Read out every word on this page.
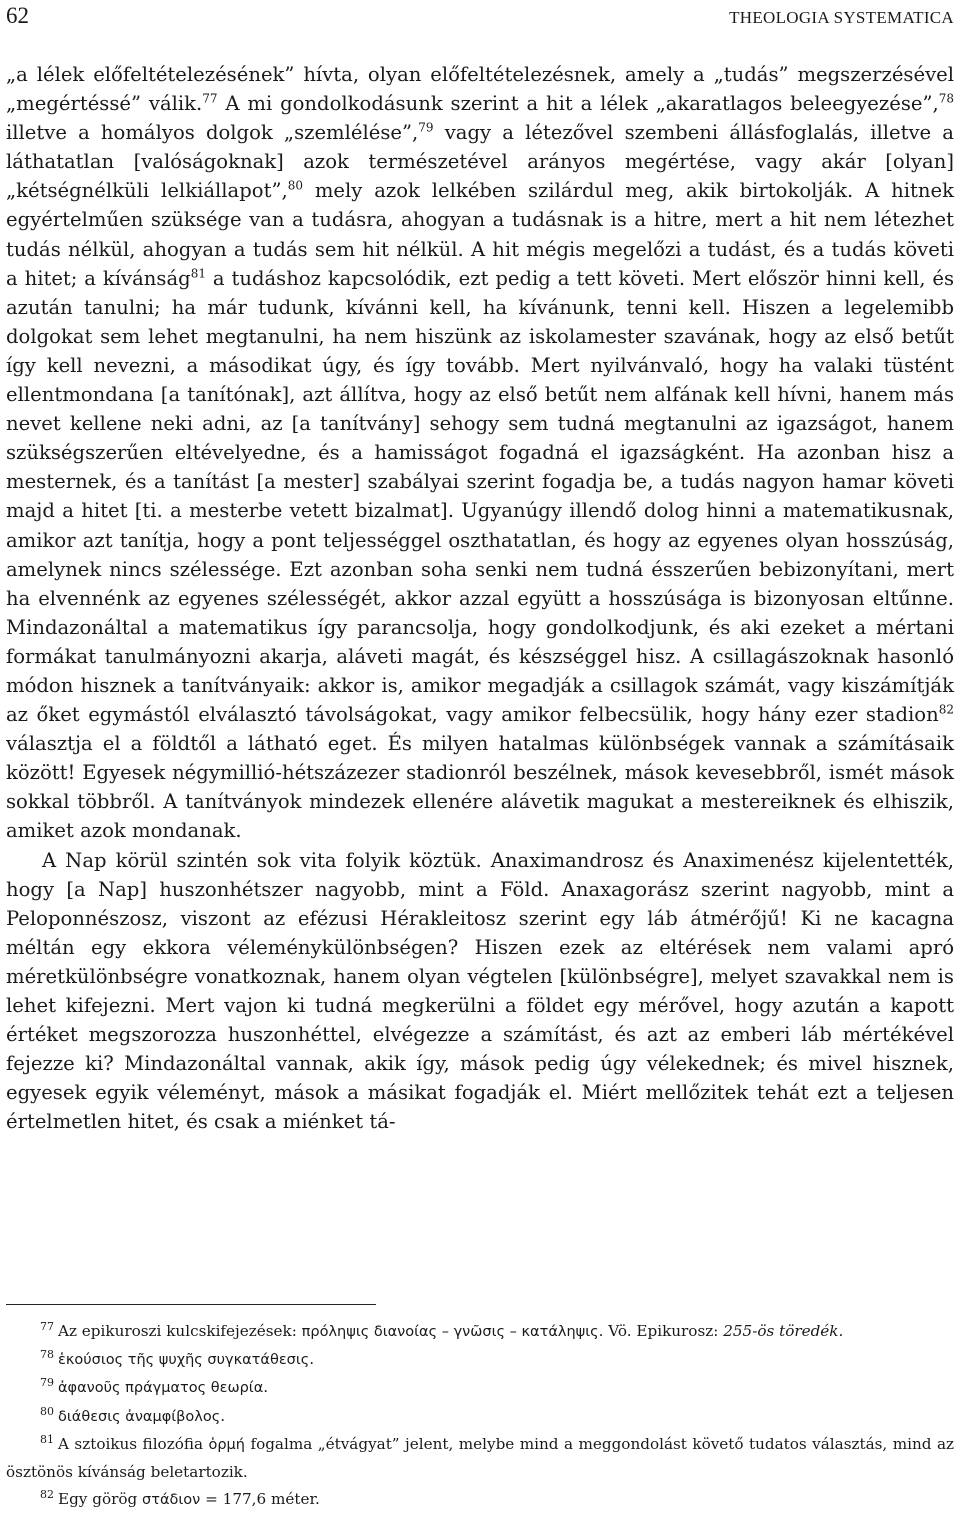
62	THEOLOGIA SYSTEMATICA

„a lélek előfeltételezésének” hívta, olyan előfeltételezésnek, amely a „tudás” megszerzésével „megértéssé” válik.$^{77}$ A mi gondolkodásunk szerint a hit a lélek „akaratlagos beleegyezése”,$^{78}$ illetve a homályos dolgok „szemlélése”,$^{79}$ vagy a létezővel szembeni állásfoglalás, illetve a láthatatlan [valóságoknak] azok természetével arányos megértése, vagy akár [olyan] „kétségnélküli lelkiállapot”,$^{80}$ mely azok lelkében szilárdul meg, akik birtokolják. A hitnek egyértelműen szüksége van a tudásra, ahogyan a tudásnak is a hitre, mert a hit nem létezhet tudás nélkül, ahogyan a tudás sem hit nélkül. A hit mégis megelőzi a tudást, és a tudás követi a hitet; a kívánság$^{81}$ a tudáshoz kapcsolódik, ezt pedig a tett követi. Mert először hinni kell, és azután tanulni; ha már tudunk, kívánni kell, ha kívánunk, tenni kell. Hiszen a legelemibb dolgokat sem lehet megtanulni, ha nem hiszünk az iskolamester szavának, hogy az első betűt így kell nevezni, a másodikat úgy, és így tovább. Mert nyilvánvaló, hogy ha valaki tüstént ellentmondana [a tanítónak], azt állítva, hogy az első betűt nem alfának kell hívni, hanem más nevet kellene neki adni, az [a tanítvány] sehogy sem tudná megtanulni az igazságot, hanem szükségszerűen eltévelyedne, és a hamisságot fogadná el igazságként. Ha azonban hisz a mesternek, és a tanítást [a mester] szabályai szerint fogadja be, a tudás nagyon hamar követi majd a hitet [ti. a mesterbe vetett bizalmat]. Ugyanúgy illendő dolog hinni a matematikusnak, amikor azt tanítja, hogy a pont teljességgel oszthatatlan, és hogy az egyenes olyan hosszúság, amelynek nincs szélessége. Ezt azonban soha senki nem tudná ésszerűen bebizonyítani, mert ha elvennénk az egyenes szélességét, akkor azzal együtt a hosszúsága is bizonyosan eltűnne. Mindazonáltal a matematikus így parancsolja, hogy gondolkodjunk, és aki ezeket a mértani formákat tanulmányozni akarja, aláveti magát, és készséggel hisz. A csillagászoknak hasonló módon hisznek a tanítványaik: akkor is, amikor megadják a csillagok számát, vagy kiszámítják az őket egymástól elválasztó távolságokat, vagy amikor felbecsülik, hogy hány ezer stadion$^{82}$ választja el a földtől a látható eget. És milyen hatalmas különbségek vannak a számításaik között! Egyesek négymillió-hétszázezer stadionról beszélnek, mások kevesebbről, ismét mások sokkal többről. A tanítványok mindezek ellenére alávetik magukat a mestereiknek és elhiszik, amiket azok mondanak.

A Nap körül szintén sok vita folyik köztük. Anaximandrosz és Anaximenész kijelentették, hogy [a Nap] huszonhétszer nagyobb, mint a Föld. Anaxagorász szerint nagyobb, mint a Peloponnészosz, viszont az efézusi Hérakleitosz szerint egy láb átmérőjű! Ki ne kacagna méltán egy ekkora véleménykülönbségen? Hiszen ezek az eltérések nem valami apró méretkülönbségre vonatkoznak, hanem olyan végtelen [különbségre], melyet szavakkal nem is lehet kifejezni. Mert vajon ki tudná megkerülni a földet egy mérővel, hogy azután a kapott értéket megszorozza huszonhéttel, elvégezze a számítást, és azt az emberi láb mértékével fejezze ki? Mindazonáltal vannak, akik így, mások pedig úgy vélekednek; és mivel hisznek, egyesek egyik véleményt, mások a másikat fogadják el. Miért mellőzitek tehát ezt a teljesen értelmetlen hitet, és csak a miénket tá-

$^{77}$ Az epikuroszi kulcskifejezések: πρόληψις διανοίας – γνῶσις – κατάληψις. Vö. Epikurosz: 255-ös töredék.

$^{78}$ ἑκούσιος τῆς ψυχῆς συγκατάθεσις.

$^{79}$ ἀφανοῦς πράγματος θεωρία.

$^{80}$ διάθεσις ἀναμφίβολος.

$^{81}$ A sztoikus filozófia ὁρμή fogalma „étvágyat” jelent, melybe mind a meggondolást követő tudatos választás, mind az ösztönös kívánság beletartozik.

$^{82}$ Egy görög στάδιον = 177,6 méter.
